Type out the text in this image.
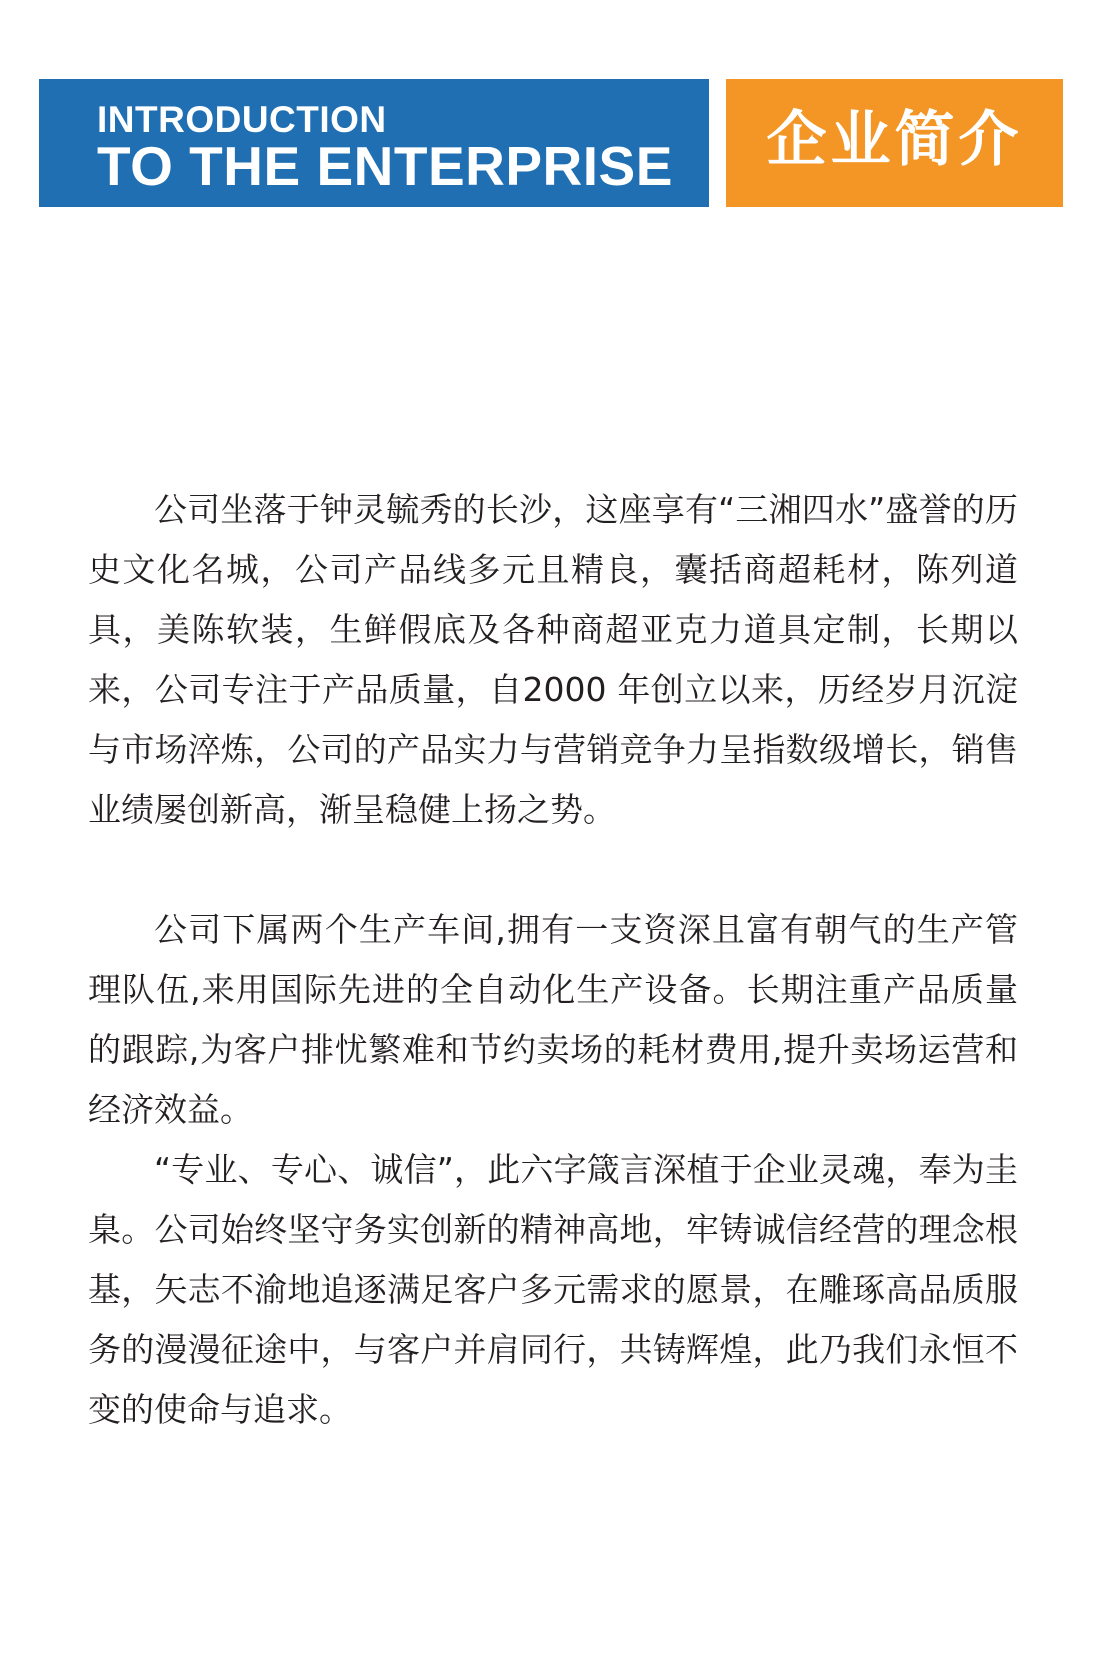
INTRODUCTION
TO THE ENTERPRISE	企业简介

公司坐落于钟灵毓秀的长沙，这座享有“三湘四水”盛誉的历史文化名城，公司产品线多元且精良，囊括商超耗材，陈列道具，美陈软装，生鲜假底及各种商超亚克力道具定制，长期以来，公司专注于产品质量，自2000 年创立以来，历经岁月沉淀与市场淬炼，公司的产品实力与营销竞争力呈指数级增长，销售业绩屡创新高，渐呈稳健上扬之势。

公司下属两个生产车间,拥有一支资深且富有朝气的生产管理队伍,来用国际先进的全自动化生产设备。长期注重产品质量的跟踪,为客户排忧繁难和节约卖场的耗材费用,提升卖场运营和经济效益。

“专业、专心、诚信”，此六字箴言深植于企业灵魂，奉为圭臬。公司始终坚守务实创新的精神高地，牢铸诚信经营的理念根基，矢志不渝地追逐满足客户多元需求的愿景，在雕琢高品质服务的漫漫征途中，与客户并肩同行，共铸辉煌，此乃我们永恒不变的使命与追求。
